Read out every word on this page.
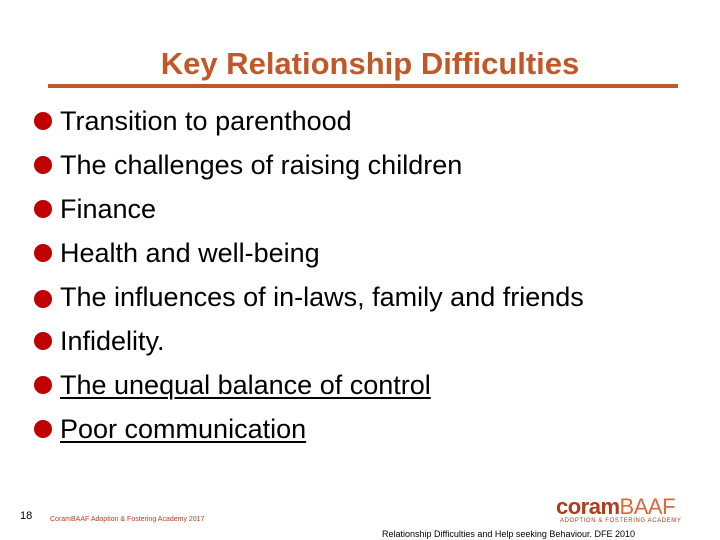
Key Relationship Difficulties
Transition to parenthood
The challenges of raising children
Finance
Health and well-being
The influences of in-laws, family and friends
Infidelity.
The unequal balance of control
Poor communication
18	CoramBAAF Adoption & Fostering Academy 2017
coramBAAF
ADOPTION & FOSTERING ACADEMY
Relationship Difficulties and Help seeking Behaviour. DFE 2010
